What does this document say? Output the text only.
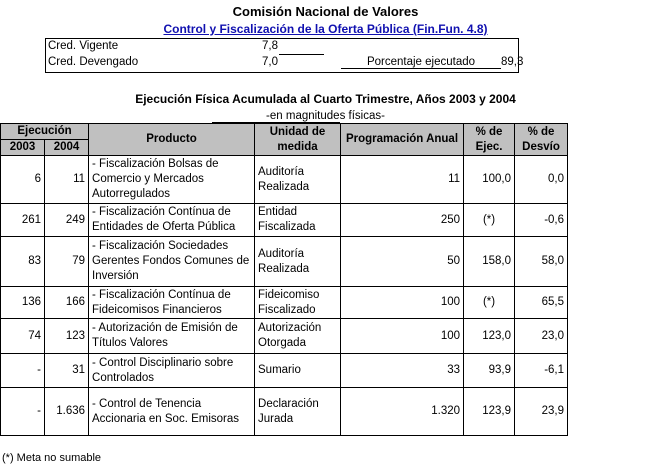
Comisión Nacional de Valores
Control y Fiscalización de la Oferta Pública (Fin.Fun. 4.8)
Cred. Vigente	7,8
Cred. Devengado	7,0	Porcentaje ejecutado	89,3
Ejecución Física Acumulada al Cuarto Trimestre, Años 2003 y 2004
-en magnitudes físicas-
Ejecución		Producto	Unidad de medida	Programación Anual	% de Ejec.	% de Desvío
2003	2004					
6	11	- Fiscalización Bolsas de Comercio y Mercados Autorregulados	Auditoría Realizada	11	100,0	0,0
261	249	- Fiscalización Contínua de Entidades de Oferta Pública	Entidad Fiscalizada	250	(*)	-0,6
83	79	- Fiscalización Sociedades Gerentes Fondos Comunes de Inversión	Auditoría Realizada	50	158,0	58,0
136	166	- Fiscalización Contínua de Fideicomisos Financieros	Fideicomiso Fiscalizado	100	(*)	65,5
74	123	- Autorización de Emisión de Títulos Valores	Autorización Otorgada	100	123,0	23,0
-	31	- Control Disciplinario sobre Controlados	Sumario	33	93,9	-6,1
-	1.636	- Control de Tenencia Accionaria en Soc. Emisoras	Declaración Jurada	1.320	123,9	23,9
(*) Meta no sumable
